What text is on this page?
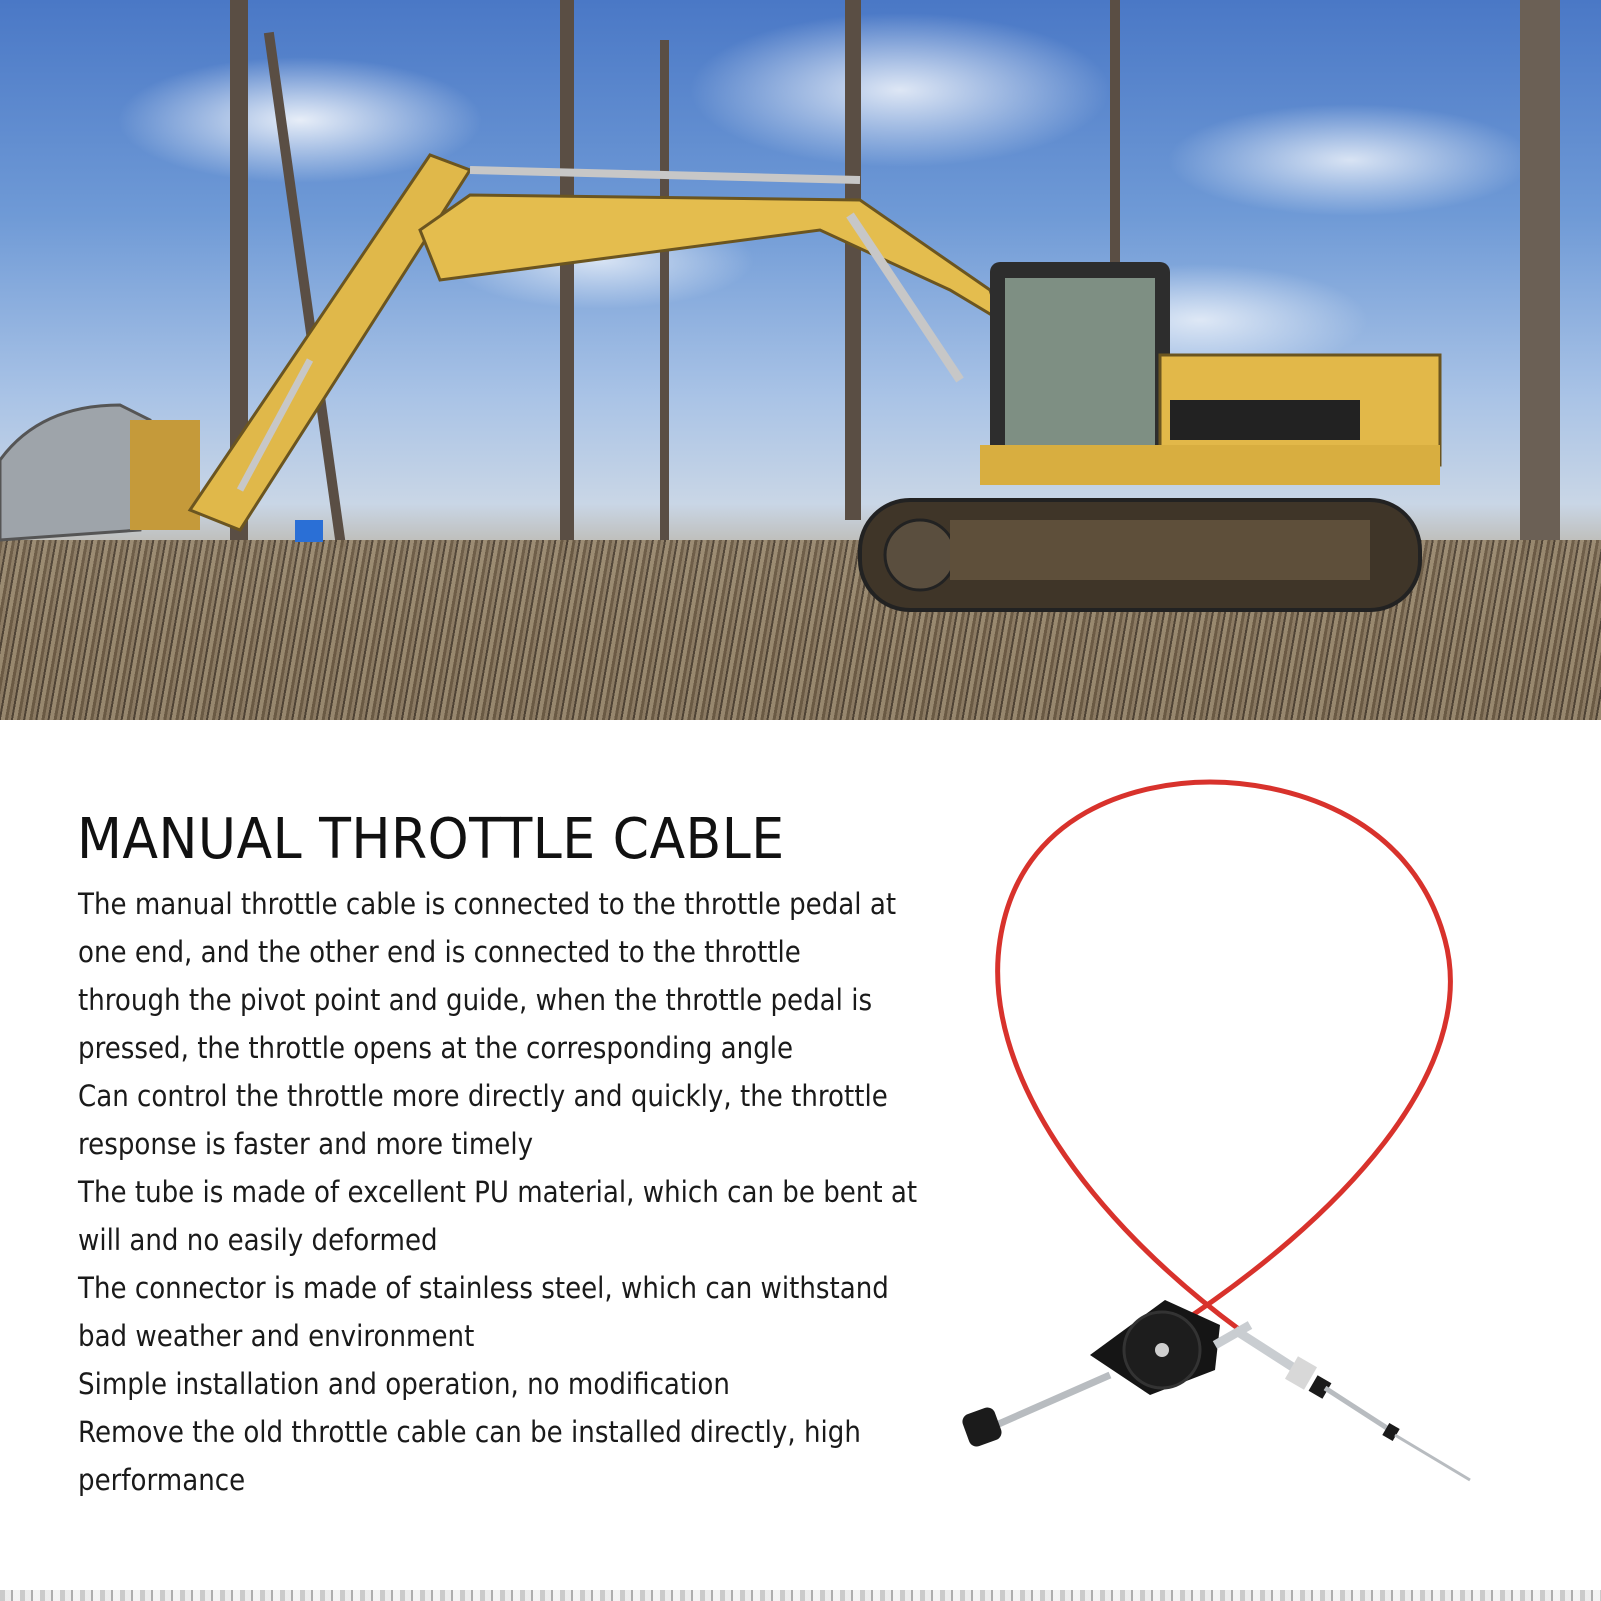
MANUAL THROTTLE CABLE
The manual throttle cable is connected to the throttle pedal at
one end, and the other end is connected to the throttle
through the pivot point and guide, when the throttle pedal is
pressed, the throttle opens at the corresponding angle
Can control the throttle more directly and quickly, the throttle
response is faster and more timely
The tube is made of excellent PU material, which can be bent at
will and no easily deformed
The connector is made of stainless steel, which can withstand
bad weather and environment
Simple installation and operation, no modification
Remove the old throttle cable can be installed directly, high
performance
